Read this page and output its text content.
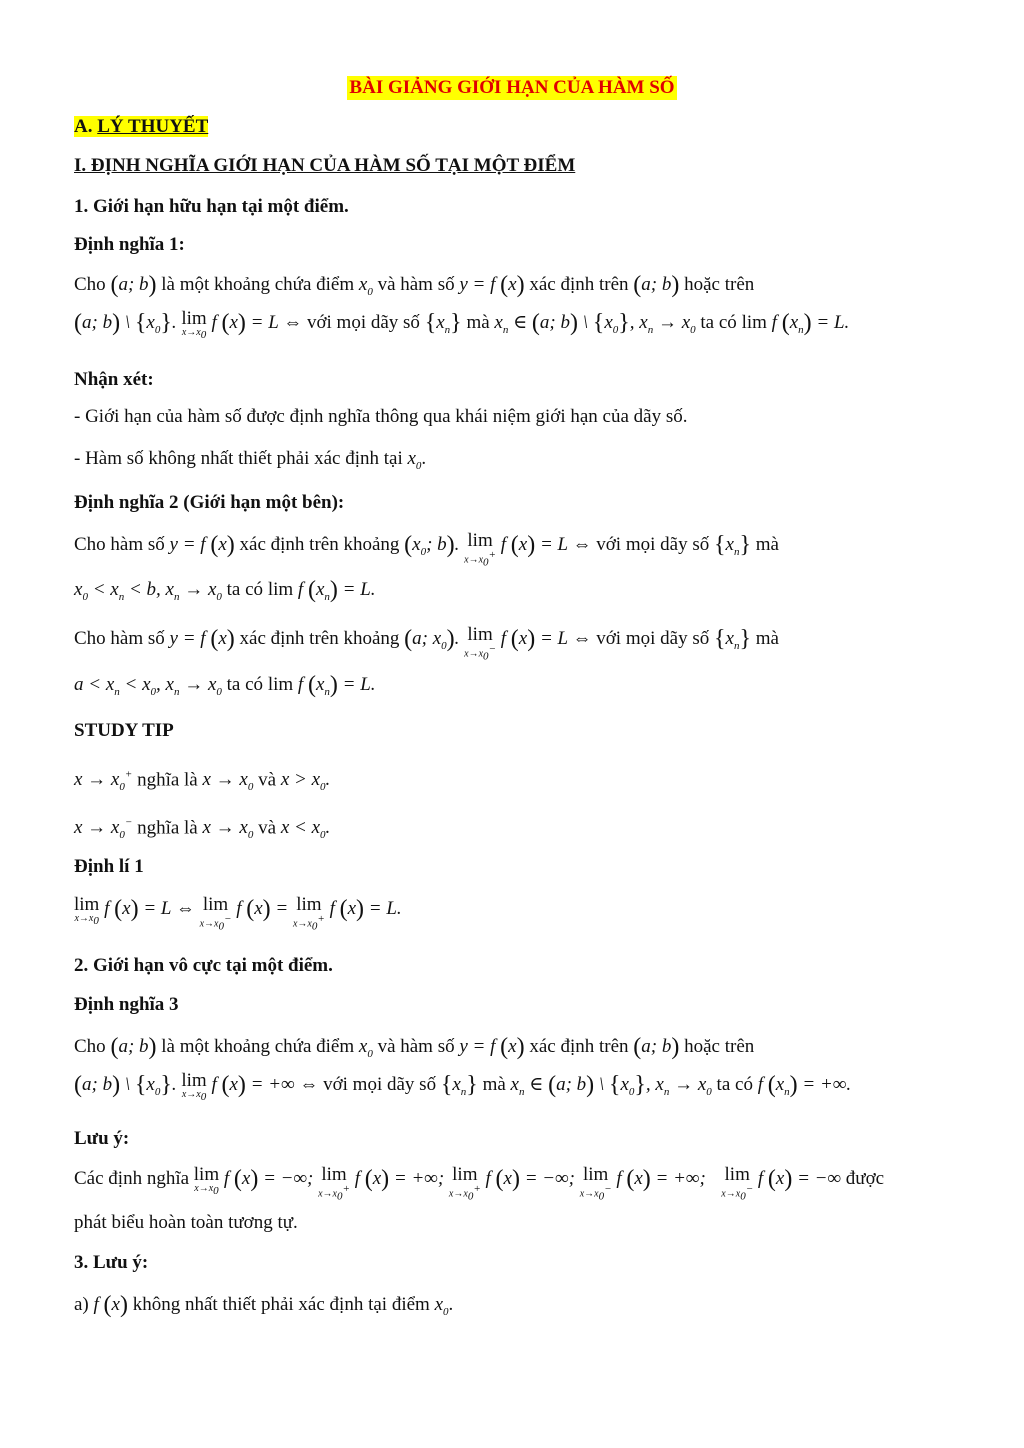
BÀI GIẢNG GIỚI HẠN CỦA HÀM SỐ
A. LÝ THUYẾT
I. ĐỊNH NGHĨA GIỚI HẠN CỦA HÀM SỐ TẠI MỘT ĐIỂM
1. Giới hạn hữu hạn tại một điểm.
Định nghĩa 1:
Cho (a; b) là một khoảng chứa điểm $x_0$ và hàm số y = f (x) xác định trên (a; b) hoặc trên
(a; b) \ $\{x_0\}$. lim
$x\to x_0$
f (x) = L ⇔ với mọi dãy số $\{x_n\}$ mà $x_n$ ∈ (a; b) \ $\{x_0\}$, $x_n \to x_0$ ta có lim f $(x_n) = L$.
Nhận xét:
- Giới hạn của hàm số được định nghĩa thông qua khái niệm giới hạn của dãy số.
- Hàm số không nhất thiết phải xác định tại $x_0$.
Định nghĩa 2 (Giới hạn một bên):
Cho hàm số y = f (x) xác định trên khoảng ($x_0$; b). lim
$x\to x_0^+$ f (x) = L ⇔ với mọi dãy số $\{x_n\}$ mà
$x_0 < x_n < b$, $x_n \to x_0$ ta có lim f $(x_n) = L$.
Cho hàm số y = f (x) xác định trên khoảng (a; $x_0$). lim
$x\to x_0^-$ f (x) = L ⇔ với mọi dãy số $\{x_n\}$ mà
$a < x_n < x_0$, $x_n \to x_0$ ta có lim f $(x_n) = L$.
STUDY TIP
$x \to x_0^+$ nghĩa là $x \to x_0$ và $x > x_0$.
$x \to x_0^-$ nghĩa là $x \to x_0$ và $x < x_0$.
Định lí 1
lim
$x\to x_0$
f (x) = L ⇔ lim
$x\to x_0^-$ f (x) = lim
$x\to x_0^+$ f (x) = L.
2. Giới hạn vô cực tại một điểm.
Định nghĩa 3
Cho (a; b) là một khoảng chứa điểm $x_0$ và hàm số y = f (x) xác định trên (a; b) hoặc trên
(a; b) \ $\{x_0\}$. lim
$x\to x_0$
f (x) = +∞ ⇔ với mọi dãy số $\{x_n\}$ mà $x_n$ ∈ (a; b) \ $\{x_0\}$, $x_n \to x_0$ ta có f $(x_n)$ = +∞.
Lưu ý:
Các định nghĩa lim
$x\to x_0$
f (x) = −∞; lim
$x\to x_0^+$ f (x) = +∞; lim
$x\to x_0^+$ f (x) = −∞; lim
$x\to x_0^-$ f (x) = +∞; lim
$x\to x_0^-$ f (x) = −∞ được
phát biểu hoàn toàn tương tự.
3. Lưu ý:
a) f (x) không nhất thiết phải xác định tại điểm $x_0$.
